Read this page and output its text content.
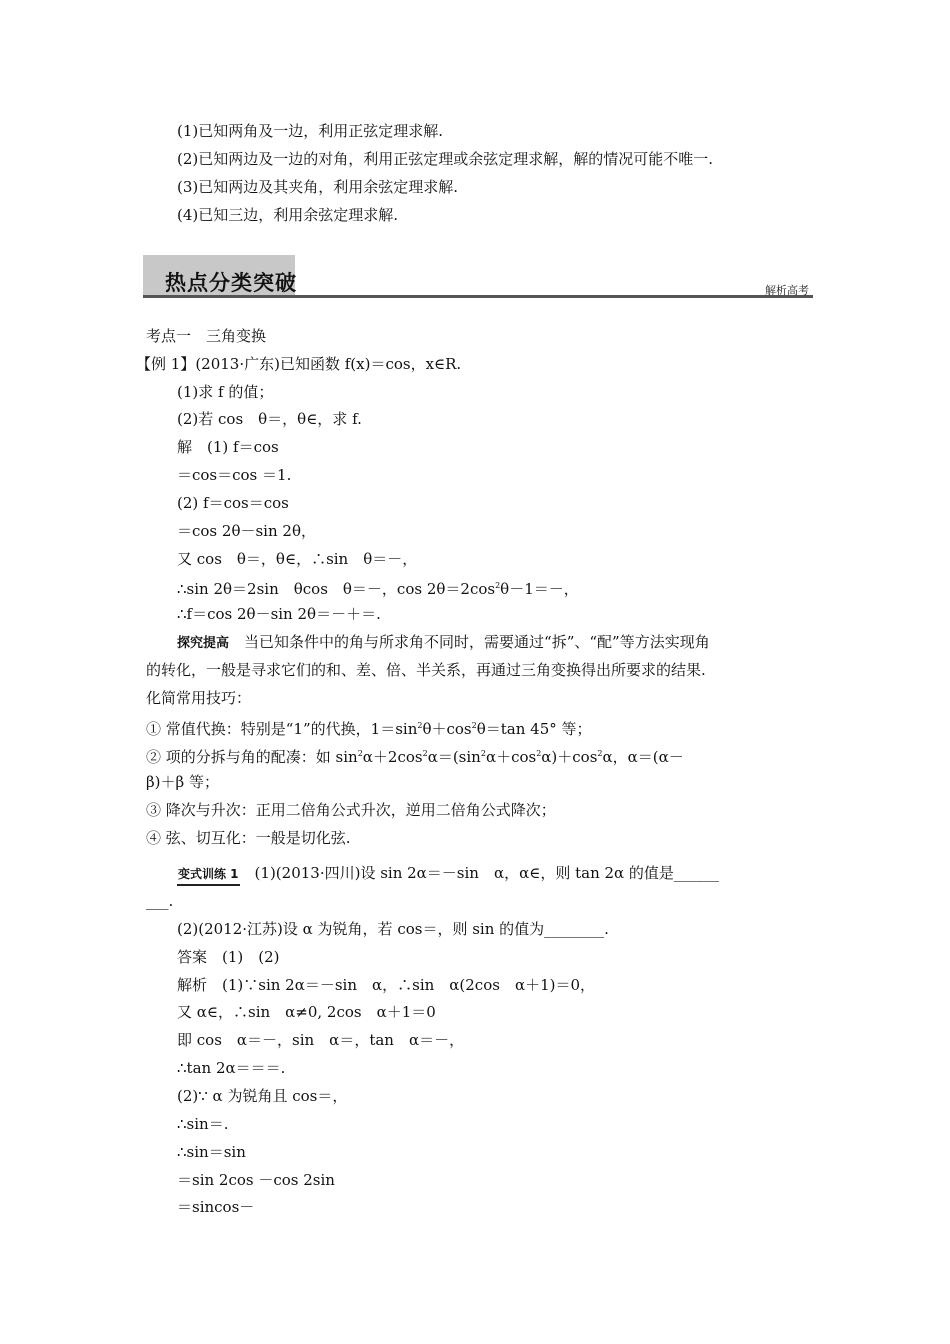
(1)已知两角及一边，利用正弦定理求解.
(2)已知两边及一边的对角，利用正弦定理或余弦定理求解，解的情况可能不唯一.
(3)已知两边及其夹角，利用余弦定理求解.
(4)已知三边，利用余弦定理求解.
热点分类突破	解析高考
考点一　三角变换
【例 1】(2013·广东)已知函数 f(x)＝cos，x∈R.
(1)求 f 的值；
(2)若 cos　θ＝，θ∈，求 f.
解　(1) f＝cos
＝cos＝cos ＝1.
(2) f＝cos＝cos
＝cos 2θ－sin 2θ，
又 cos　θ＝，θ∈，∴sin　θ＝－，
∴sin 2θ＝2sin　θcos　θ＝－，$\cos 2\theta=2\cos^2\theta-1=-$，
∴f＝cos 2θ－sin 2θ＝－＋＝.
探究提高　 当已知条件中的角与所求角不同时，需要通过“拆”、“配”等方法实现角
的转化，一般是寻求它们的和、差、倍、半关系，再通过三角变换得出所要求的结果.
化简常用技巧：
① 常值代换：特别是“1”的代换，$1=\sin^2\theta+\cos^2\theta=\tan$ 45° 等；
② 项的分拆与角的配凑：如 $\sin^2\alpha+2\cos^2\alpha=(\sin^2\alpha+\cos^2\alpha)+\cos^2\alpha$，α＝(α－
β)＋β 等；
③ 降次与升次：正用二倍角公式升次，逆用二倍角公式降次；
④ 弦、切互化：一般是切化弦.
变式训练 1　 (1)(2013·四川)设 sin 2α＝－sin　α，α∈，则 tan 2α 的值是______
___.
(2)(2012·江苏)设 α 为锐角，若 cos＝，则 sin 的值为________.
答案　(1)　(2)
解析　(1)∵sin 2α＝－sin　α，∴sin　α(2cos　α＋1)＝0，
又 α∈，∴sin　α≠0, 2cos　α＋1＝0
即 cos　α＝－，sin　α＝，tan　α＝－，
∴tan 2α＝＝＝.
(2)∵ α 为锐角且 cos＝，
∴sin＝.
∴sin＝sin
＝sin 2cos －cos 2sin
＝sincos－
